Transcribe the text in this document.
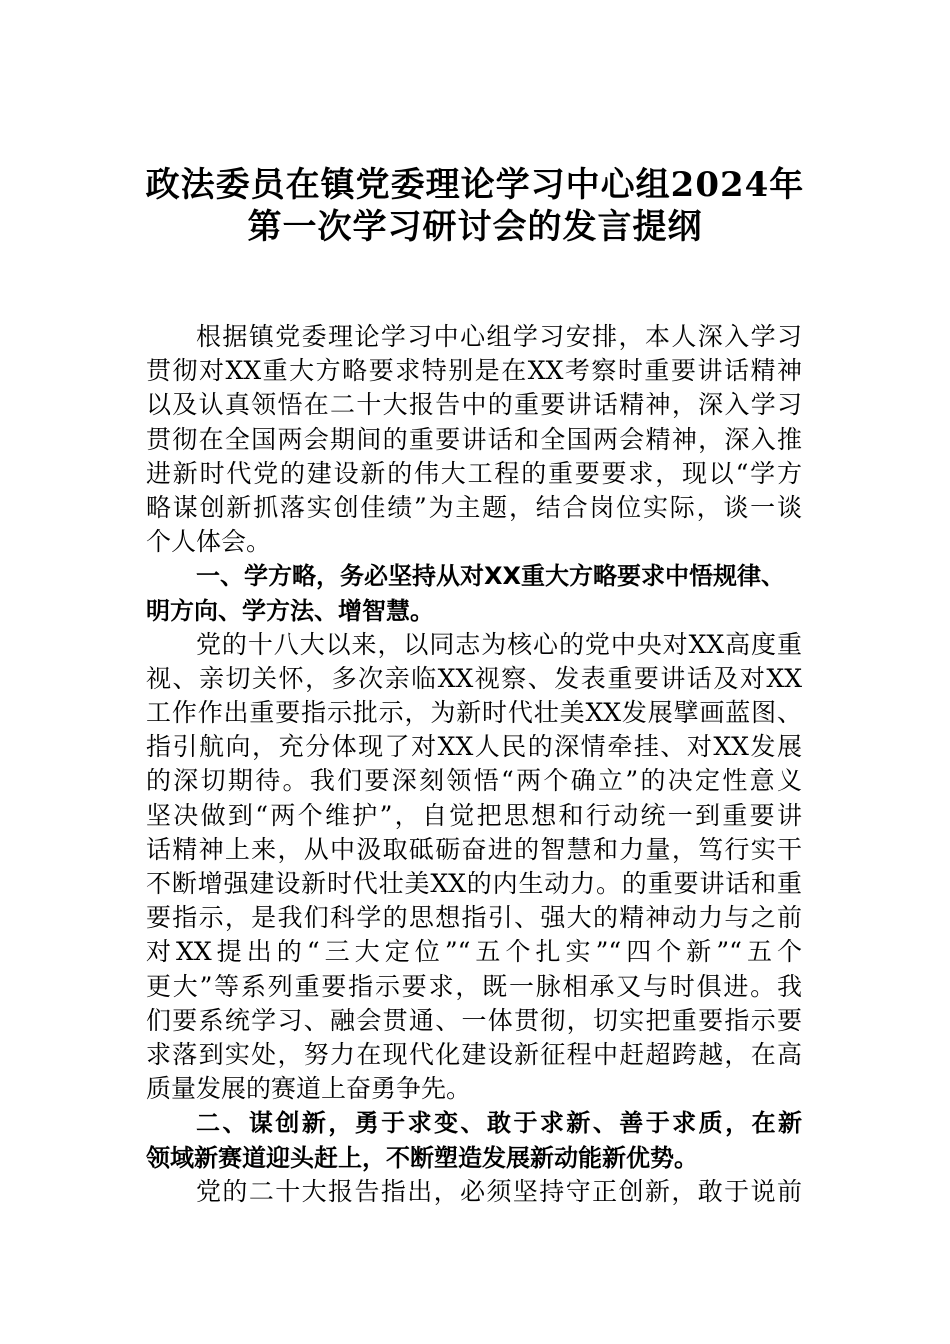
政法委员在镇党委理论学习中心组2024年
第一次学习研讨会的发言提纲
根据镇党委理论学习中心组学习安排，本人深入学习
贯彻对XX重大方略要求特别是在XX考察时重要讲话精神
以及认真领悟在二十大报告中的重要讲话精神，深入学习
贯彻在全国两会期间的重要讲话和全国两会精神，深入推
进新时代党的建设新的伟大工程的重要要求，现以“学方
略谋创新抓落实创佳绩”为主题，结合岗位实际，谈一谈
个人体会。
一、学方略，务必坚持从对XX重大方略要求中悟规律、
明方向、学方法、增智慧。
党的十八大以来，以同志为核心的党中央对XX高度重
视、亲切关怀，多次亲临XX视察、发表重要讲话及对XX
工作作出重要指示批示，为新时代壮美XX发展擘画蓝图、
指引航向，充分体现了对XX人民的深情牵挂、对XX发展
的深切期待。我们要深刻领悟“两个确立”的决定性意义
坚决做到“两个维护”，自觉把思想和行动统一到重要讲
话精神上来，从中汲取砥砺奋进的智慧和力量，笃行实干
不断增强建设新时代壮美XX的内生动力。的重要讲话和重
要指示，是我们科学的思想指引、强大的精神动力与之前
对XX提出的“三大定位”“五个扎实”“四个新”“五个
更大”等系列重要指示要求，既一脉相承又与时俱进。我
们要系统学习、融会贯通、一体贯彻，切实把重要指示要
求落到实处，努力在现代化建设新征程中赶超跨越，在高
质量发展的赛道上奋勇争先。
二、谋创新，勇于求变、敢于求新、善于求质，在新
领域新赛道迎头赶上，不断塑造发展新动能新优势。
党的二十大报告指出，必须坚持守正创新，敢于说前
